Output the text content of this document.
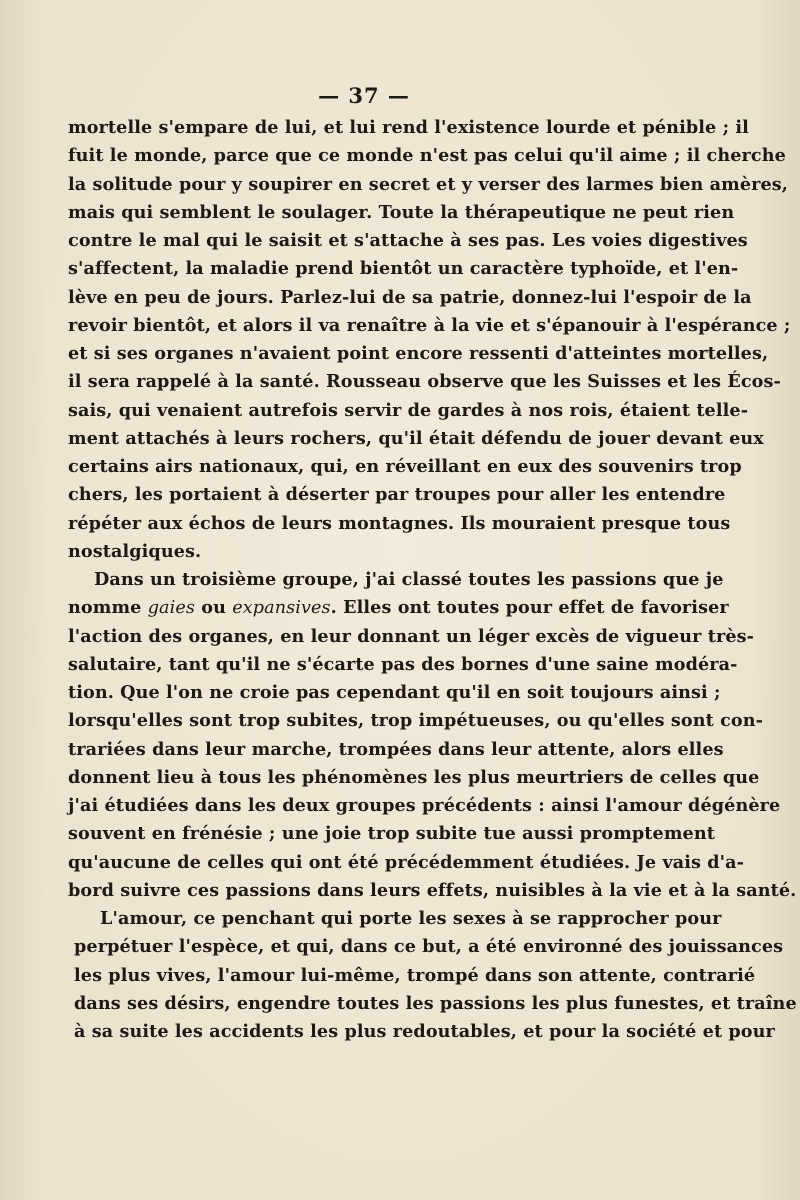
— 37 —
mortelle s'empare de lui, et lui rend l'existence lourde et pénible ; il
fuit le monde, parce que ce monde n'est pas celui qu'il aime ; il cherche
la solitude pour y soupirer en secret et y verser des larmes bien amères,
mais qui semblent le soulager. Toute la thérapeutique ne peut rien
contre le mal qui le saisit et s'attache à ses pas. Les voies digestives
s'affectent, la maladie prend bientôt un caractère typhoïde, et l'en-
lève en peu de jours. Parlez-lui de sa patrie, donnez-lui l'espoir de la
revoir bientôt, et alors il va renaître à la vie et s'épanouir à l'espérance ;
et si ses organes n'avaient point encore ressenti d'atteintes mortelles,
il sera rappelé à la santé. Rousseau observe que les Suisses et les Écos-
sais, qui venaient autrefois servir de gardes à nos rois, étaient telle-
ment attachés à leurs rochers, qu'il était défendu de jouer devant eux
certains airs nationaux, qui, en réveillant en eux des souvenirs trop
chers, les portaient à déserter par troupes pour aller les entendre
répéter aux échos de leurs montagnes. Ils mouraient presque tous
nostalgiques.
Dans un troisième groupe, j'ai classé toutes les passions que je
nomme gaies ou expansives. Elles ont toutes pour effet de favoriser
l'action des organes, en leur donnant un léger excès de vigueur très-
salutaire, tant qu'il ne s'écarte pas des bornes d'une saine modéra-
tion. Que l'on ne croie pas cependant qu'il en soit toujours ainsi ;
lorsqu'elles sont trop subites, trop impétueuses, ou qu'elles sont con-
trariées dans leur marche, trompées dans leur attente, alors elles
donnent lieu à tous les phénomènes les plus meurtriers de celles que
j'ai étudiées dans les deux groupes précédents : ainsi l'amour dégénère
souvent en frénésie ; une joie trop subite tue aussi promptement
qu'aucune de celles qui ont été précédemment étudiées. Je vais d'a-
bord suivre ces passions dans leurs effets, nuisibles à la vie et à la santé.
L'amour, ce penchant qui porte les sexes à se rapprocher pour
perpétuer l'espèce, et qui, dans ce but, a été environné des jouissances
les plus vives, l'amour lui-même, trompé dans son attente, contrarié
dans ses désirs, engendre toutes les passions les plus funestes, et traîne
à sa suite les accidents les plus redoutables, et pour la société et pour
